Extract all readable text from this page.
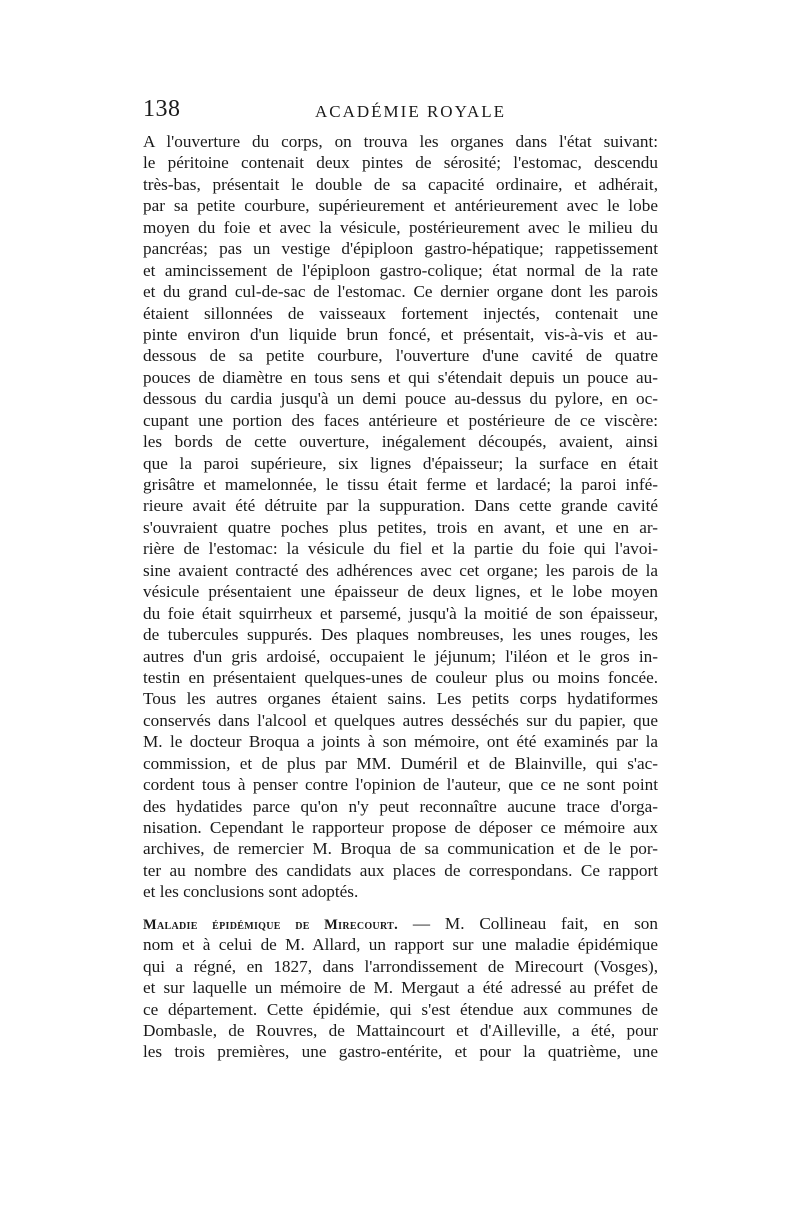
138	ACADÉMIE ROYALE
A l'ouverture du corps, on trouva les organes dans l'état suivant:
le péritoine contenait deux pintes de sérosité; l'estomac, descendu
très-bas, présentait le double de sa capacité ordinaire, et adhérait,
par sa petite courbure, supérieurement et antérieurement avec le lobe
moyen du foie et avec la vésicule, postérieurement avec le milieu du
pancréas; pas un vestige d'épiploon gastro-hépatique; rappetissement
et amincissement de l'épiploon gastro-colique; état normal de la rate
et du grand cul-de-sac de l'estomac. Ce dernier organe dont les parois
étaient sillonnées de vaisseaux fortement injectés, contenait une
pinte environ d'un liquide brun foncé, et présentait, vis-à-vis et au-
dessous de sa petite courbure, l'ouverture d'une cavité de quatre
pouces de diamètre en tous sens et qui s'étendait depuis un pouce au-
dessous du cardia jusqu'à un demi pouce au-dessus du pylore, en oc-
cupant une portion des faces antérieure et postérieure de ce viscère:
les bords de cette ouverture, inégalement découpés, avaient, ainsi
que la paroi supérieure, six lignes d'épaisseur; la surface en était
grisâtre et mamelonnée, le tissu était ferme et lardacé; la paroi infé-
rieure avait été détruite par la suppuration. Dans cette grande cavité
s'ouvraient quatre poches plus petites, trois en avant, et une en ar-
rière de l'estomac: la vésicule du fiel et la partie du foie qui l'avoi-
sine avaient contracté des adhérences avec cet organe; les parois de la
vésicule présentaient une épaisseur de deux lignes, et le lobe moyen
du foie était squirrheux et parsemé, jusqu'à la moitié de son épaisseur,
de tubercules suppurés. Des plaques nombreuses, les unes rouges, les
autres d'un gris ardoisé, occupaient le jéjunum; l'iléon et le gros in-
testin en présentaient quelques-unes de couleur plus ou moins foncée.
Tous les autres organes étaient sains. Les petits corps hydatiformes
conservés dans l'alcool et quelques autres desséchés sur du papier, que
M. le docteur Broqua a joints à son mémoire, ont été examinés par la
commission, et de plus par MM. Duméril et de Blainville, qui s'ac-
cordent tous à penser contre l'opinion de l'auteur, que ce ne sont point
des hydatides parce qu'on n'y peut reconnaître aucune trace d'orga-
nisation. Cependant le rapporteur propose de déposer ce mémoire aux
archives, de remercier M. Broqua de sa communication et de le por-
ter au nombre des candidats aux places de correspondans. Ce rapport
et les conclusions sont adoptés.
Maladie épidémique de Mirecourt. — M. Collineau fait, en son
nom et à celui de M. Allard, un rapport sur une maladie épidémique
qui a régné, en 1827, dans l'arrondissement de Mirecourt (Vosges),
et sur laquelle un mémoire de M. Mergaut a été adressé au préfet de
ce département. Cette épidémie, qui s'est étendue aux communes de
Dombasle, de Rouvres, de Mattaincourt et d'Ailleville, a été, pour
les trois premières, une gastro-entérite, et pour la quatrième, une
